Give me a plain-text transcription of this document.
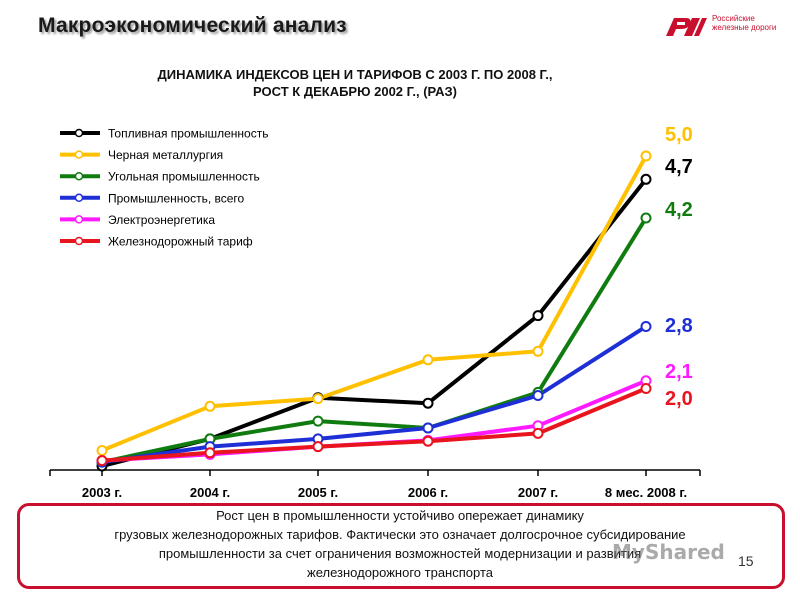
Макроэкономический анализ	Российские
железные дороги
ДИНАМИКА ИНДЕКСОВ ЦЕН И ТАРИФОВ С 2003 Г. ПО 2008 Г.,
РОСТ К ДЕКАБРЮ 2002 Г., (РАЗ)
2003 г.	2004 г.	2005 г.	2006 г.	2007 г.	8 мес. 2008 г.
4,7
5,0
4,2
2,8
2,1
2,0
Топливная промышленность
Черная металлургия
Угольная промышленность
Промышленность, всего
Электроэнергетика
Железнодорожный тариф
Рост цен в промышленности устойчиво опережает динамику
грузовых железнодорожных тарифов. Фактически это означает долгосрочное субсидирование
промышленности за счет ограничения возможностей модернизации и развития
железнодорожного транспорта
MyShared 15
